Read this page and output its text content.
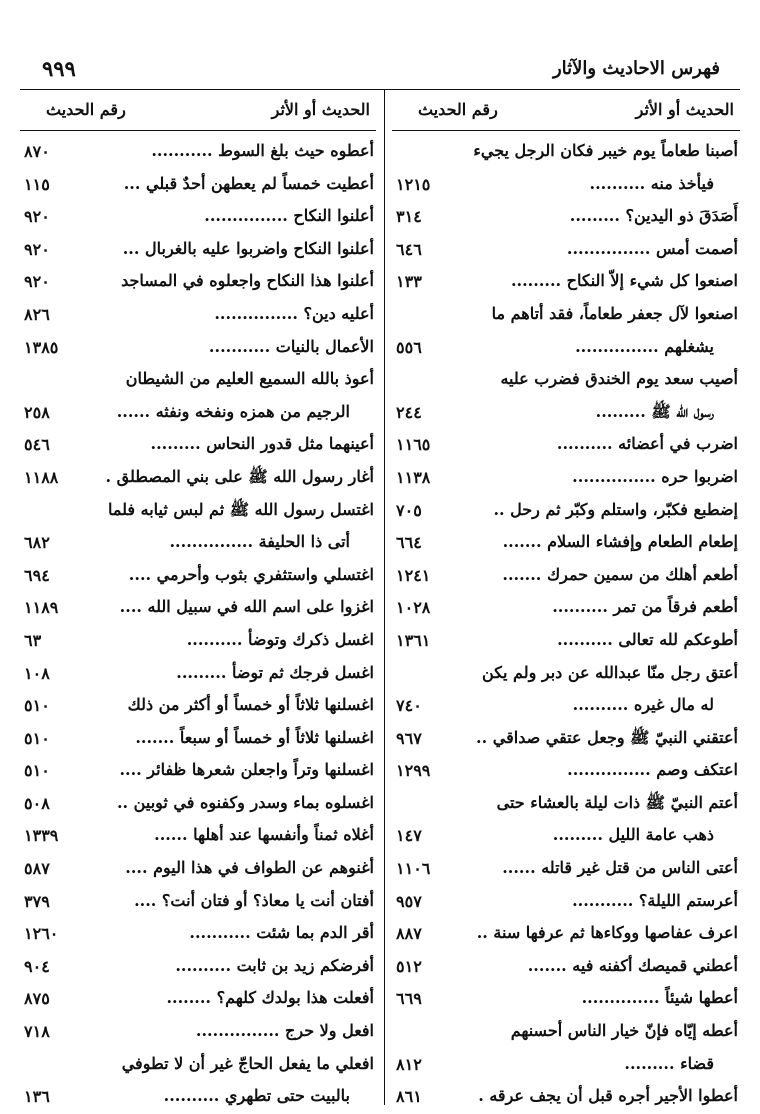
فهرس الاحاديث والآثار
٩٩٩
الحديث أو الأثر
رقم الحديث
أصبنا طعاماً يوم خيبر فكان الرجل يجيء
فيأخذ منه ..........
١٢١٥
أَصَدَقَ ذو اليدين؟ .........
٣١٤
أصمت أمس ...............
٦٤٦
اصنعوا كل شيء إلاّ النكاح .........
١٣٣
اصنعوا لآل جعفر طعاماً، فقد أتاهم ما
يشغلهم ...............
٥٥٦
أصيب سعد يوم الخندق فضرب عليه
رسول الله ﷺ .........
٢٤٤
اضرب في أعضائه ..........
١١٦٥
اضربوا حره ...............
١١٣٨
إضطبع فكبّر، واستلم وكبّر ثم رحل ..
٧٠٥
إطعام الطعام وإفشاء السلام .......
٦٦٤
أطعم أهلك من سمين حمرك .......
١٢٤١
أطعم فرقاً من تمر ..........
١٠٢٨
أطوعكم لله تعالى ..........
١٣٦١
أعتق رجل منّا عبدالله عن دبر ولم يكن
له مال غيره ..........
٧٤٠
أعتقني النبيّ ﷺ وجعل عتقي صداقي ..
٩٦٧
اعتكف وصم ...............
١٢٩٩
أعتم النبيّ ﷺ ذات ليلة بالعشاء حتى
ذهب عامة الليل .........
١٤٧
أعتى الناس من قتل غير قاتله ......
١١٠٦
أعرستم الليلة؟ ...........
٩٥٧
اعرف عفاصها ووكاءها ثم عرفها سنة ..
٨٨٧
أعطني قميصك أكفنه فيه .......
٥١٢
أعطها شيئاً ..............
٦٦٩
أعطه إيّاه فإنّ خيار الناس أحسنهم
قضاء .........
٨١٢
أعطوا الأجير أجره قبل أن يجف عرقه .
٨٦١
الحديث أو الأثر
رقم الحديث
أعطوه حيث بلغ السوط ...........
٨٧٠
أعطيت خمساً لم يعطهن أحدٌ قبلي ...
١١٥
أعلنوا النكاح ...............
٩٢٠
أعلنوا النكاح واضربوا عليه بالغربال ...
٩٢٠
أعلنوا هذا النكاح واجعلوه في المساجد
٩٢٠
أعليه دين؟ ...............
٨٢٦
الأعمال بالنيات ...........
١٣٨٥
أعوذ بالله السميع العليم من الشيطان
الرجيم من همزه ونفخه ونفثه ......
٢٥٨
أعينهما مثل قدور النحاس .........
٥٤٦
أغار رسول الله ﷺ على بني المصطلق .
١١٨٨
اغتسل رسول الله ﷺ ثم لبس ثيابه فلما
أتى ذا الحليفة ...............
٦٨٢
اغتسلي واستثفري بثوب وأحرمي ....
٦٩٤
اغزوا على اسم الله في سبيل الله ....
١١٨٩
اغسل ذكرك وتوضأ ..........
٦٣
اغسل فرجك ثم توضأ .........
١٠٨
اغسلنها ثلاثاً أو خمساً أو أكثر من ذلك
٥١٠
اغسلنها ثلاثاً أو خمساً أو سبعاً .......
٥١٠
اغسلنها وتراً واجعلن شعرها ظفائر ....
٥١٠
اغسلوه بماء وسدر وكفنوه في ثوبين ..
٥٠٨
أغلاه ثمناً وأنفسها عند أهلها ......
١٣٣٩
أغنوهم عن الطواف في هذا اليوم ....
٥٨٧
أفتان أنت يا معاذ؟ أو فتان أنت؟ ....
٣٧٩
أقر الدم بما شئت ...........
١٢٦٠
أفرضكم زيد بن ثابت ..........
٩٠٤
أفعلت هذا بولدك كلهم؟ ........
٨٧٥
افعل ولا حرج ...............
٧١٨
افعلي ما يفعل الحاجّ غير أن لا تطوفي
بالبيت حتى تطهري ..........
١٣٦
